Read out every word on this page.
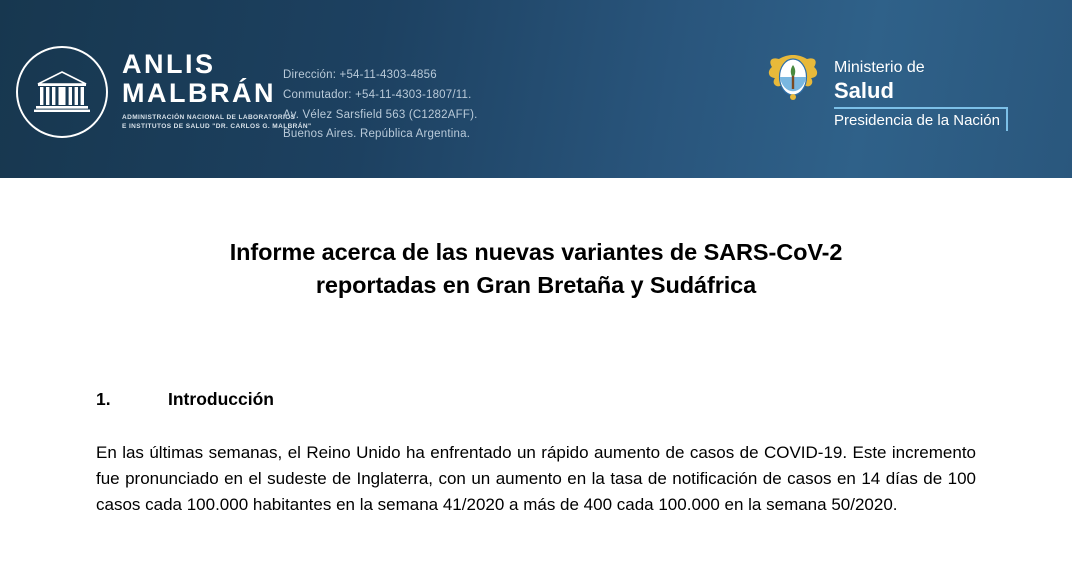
ANLIS
MALBRÁN
ADMINISTRACIÓN NACIONAL DE LABORATORIOS
E INSTITUTOS DE SALUD "DR. CARLOS G. MALBRÁN"
Dirección: +54-11-4303-4856
Conmutador: +54-11-4303-1807/11.
Av. Vélez Sarsfield 563 (C1282AFF).
Buenos Aires. República Argentina.
Ministerio de
Salud
Presidencia de la Nación
Informe acerca de las nuevas variantes de SARS-CoV-2
reportadas en Gran Bretaña y Sudáfrica
1.	Introducción

En las últimas semanas, el Reino Unido ha enfrentado un rápido aumento de casos de COVID-19. Este incremento fue pronunciado en el sudeste de Inglaterra, con un aumento en la tasa de notificación de casos en 14 días de 100 casos cada 100.000 habitantes en la semana 41/2020 a más de 400 cada 100.000 en la semana 50/2020.
